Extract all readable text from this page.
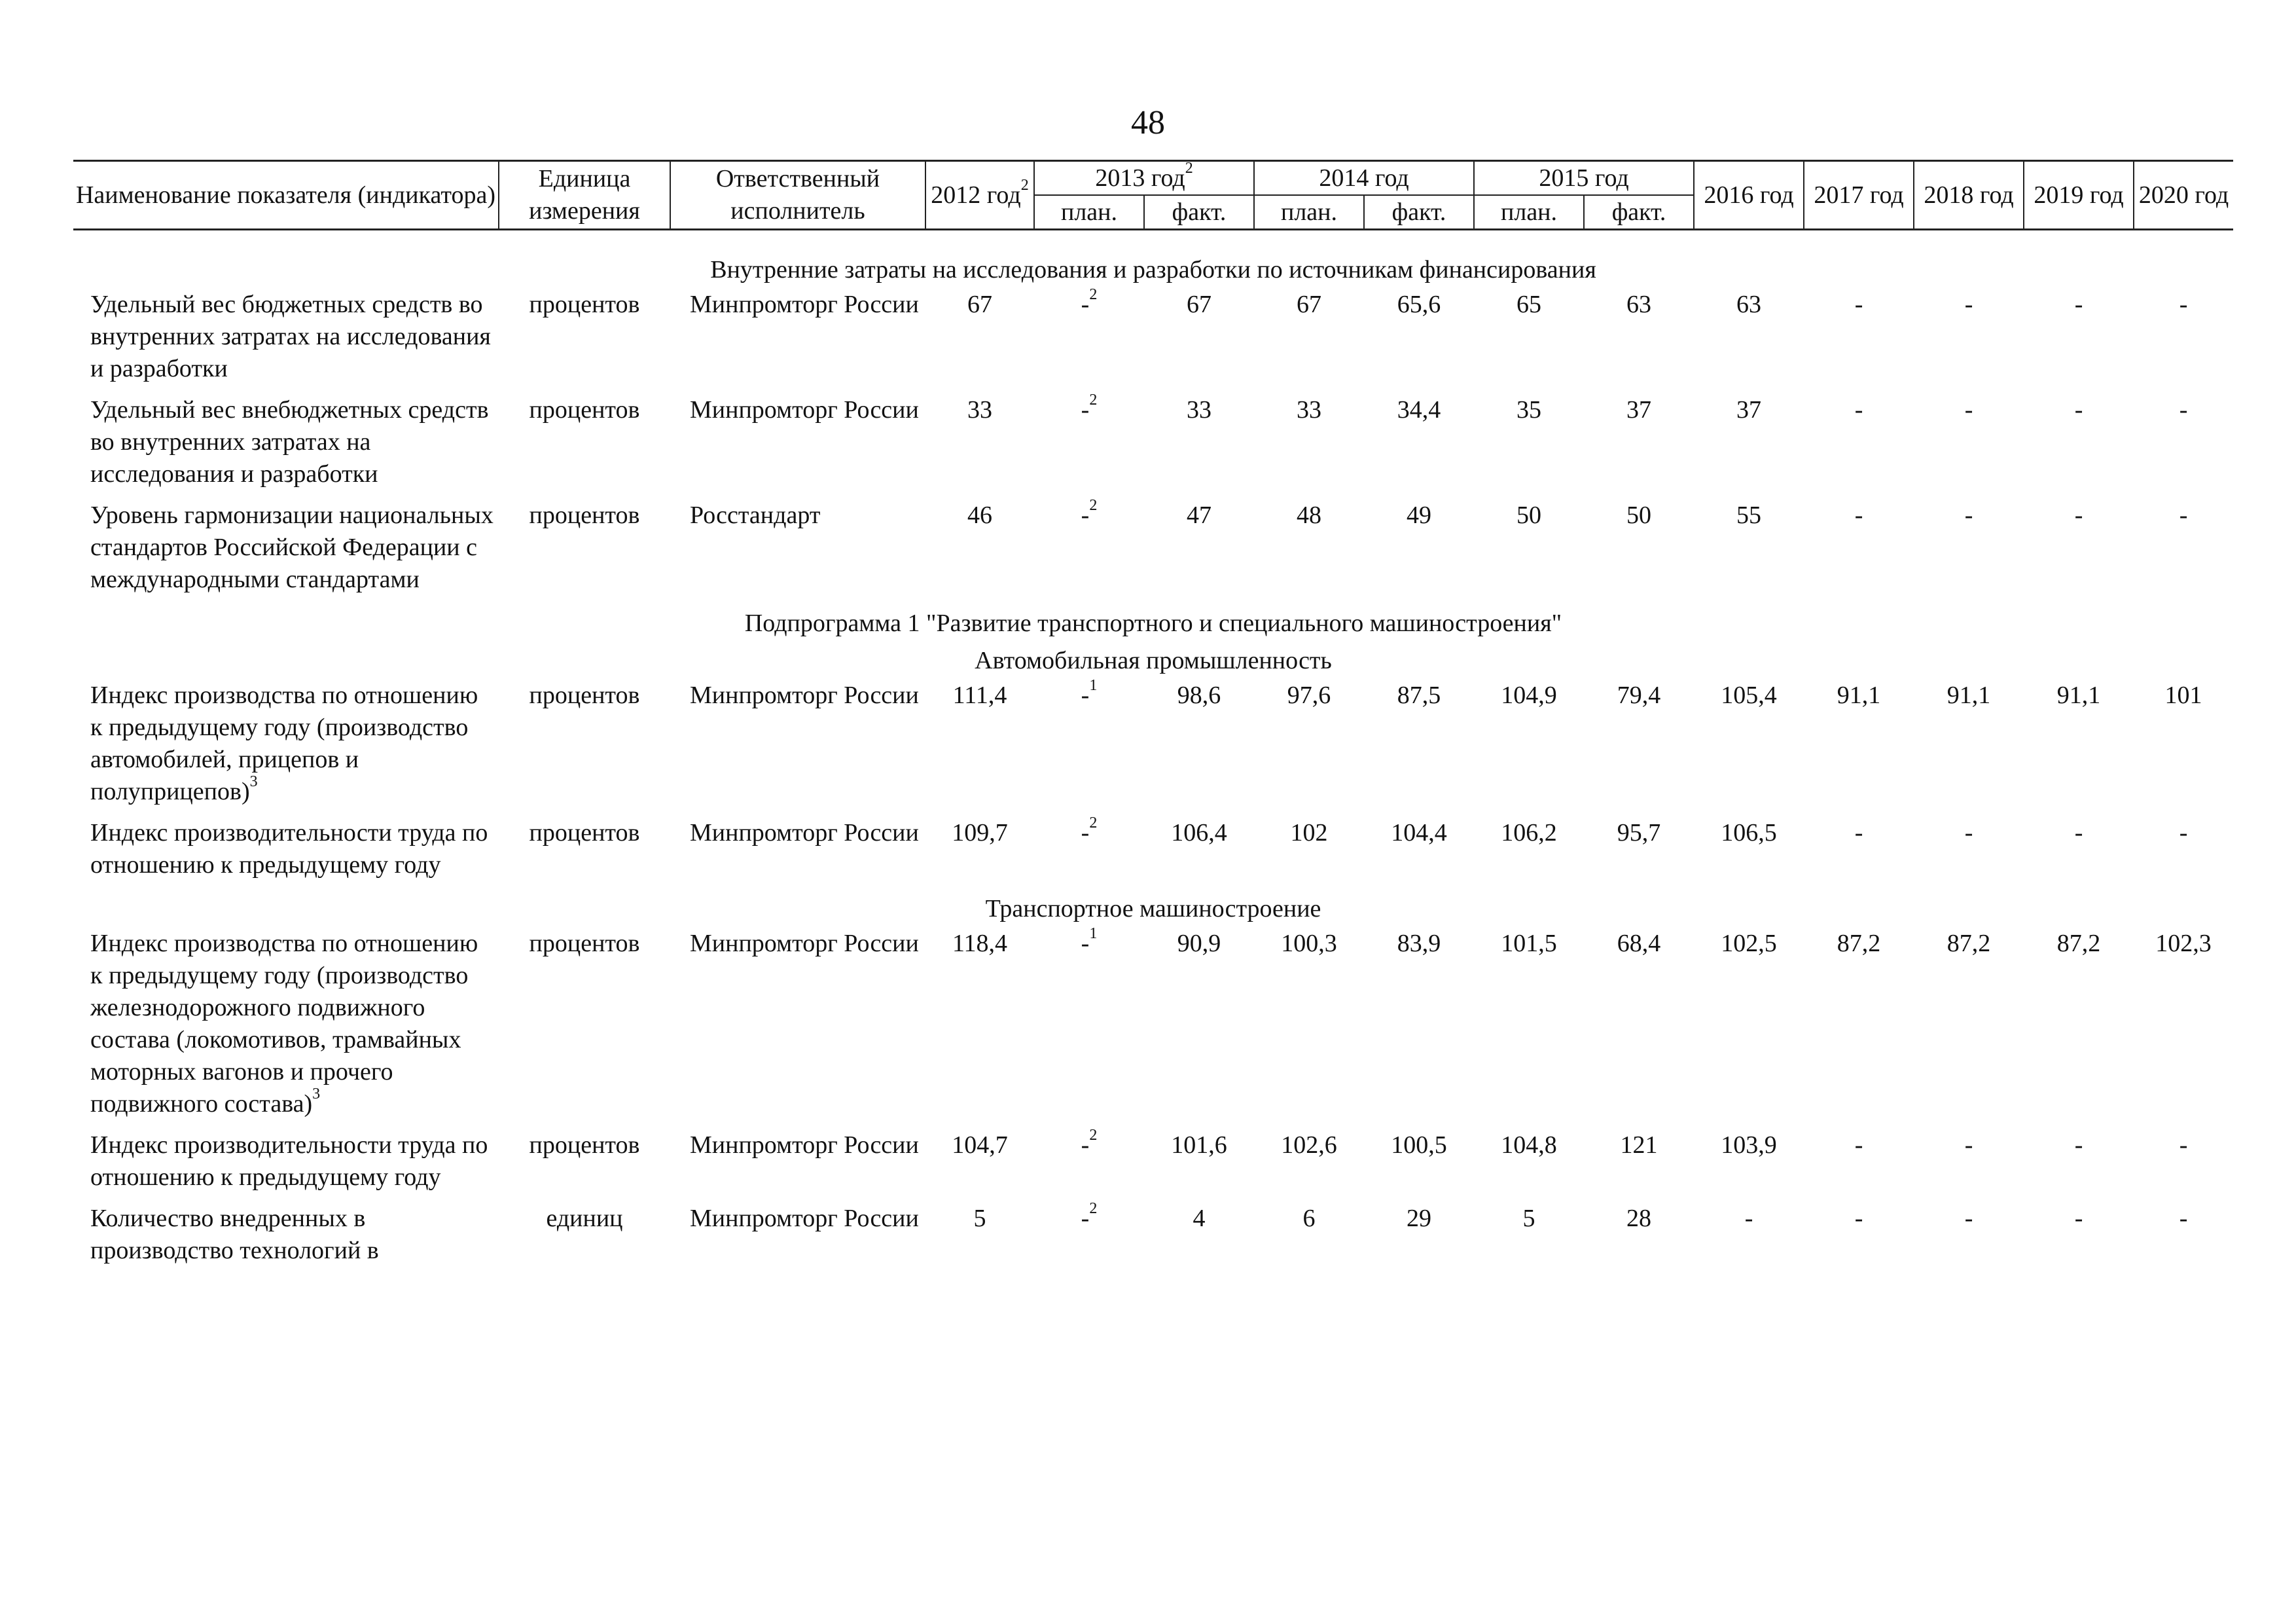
48
Наименование показателя (индикатора)	Единица измерения	Ответственный исполнитель	2012 год$^2$	2013 год$^2$		2014 год		2015 год		2016 год	2017 год	2018 год	2019 год	2020 год
				план.	факт.	план.	факт.	план.	факт.					

Внутренние затраты на исследования и разработки по источникам финансирования														
Удельный вес бюджетных средств во внутренних затратах на исследования и разработки	процентов	Минпромторг России	67	-$^2$	67	67	65,6	65	63	63	-	-	-	-
Удельный вес внебюджетных средств во внутренних затратах на исследования и разработки	процентов	Минпромторг России	33	-$^2$	33	33	34,4	35	37	37	-	-	-	-
Уровень гармонизации национальных стандартов Российской Федерации с международными стандартами	процентов	Росстандарт	46	-$^2$	47	48	49	50	50	55	-	-	-	-
Подпрограмма 1 "Развитие транспортного и специального машиностроения"														
Автомобильная промышленность														
Индекс производства по отношению к предыдущему году (производство автомобилей, прицепов и полуприцепов)$^3$	процентов	Минпромторг России	111,4	-$^1$	98,6	97,6	87,5	104,9	79,4	105,4	91,1	91,1	91,1	101
Индекс производительности труда по отношению к предыдущему году	процентов	Минпромторг России	109,7	-$^2$	106,4	102	104,4	106,2	95,7	106,5	-	-	-	-
Транспортное машиностроение														
Индекс производства по отношению к предыдущему году (производство железнодорожного подвижного состава (локомотивов, трамвайных моторных вагонов и прочего подвижного состава)$^3$	процентов	Минпромторг России	118,4	-$^1$	90,9	100,3	83,9	101,5	68,4	102,5	87,2	87,2	87,2	102,3
Индекс производительности труда по отношению к предыдущему году	процентов	Минпромторг России	104,7	-$^2$	101,6	102,6	100,5	104,8	121	103,9	-	-	-	-
Количество внедренных в производство технологий в	единиц	Минпромторг России	5	-$^2$	4	6	29	5	28	-	-	-	-	-
